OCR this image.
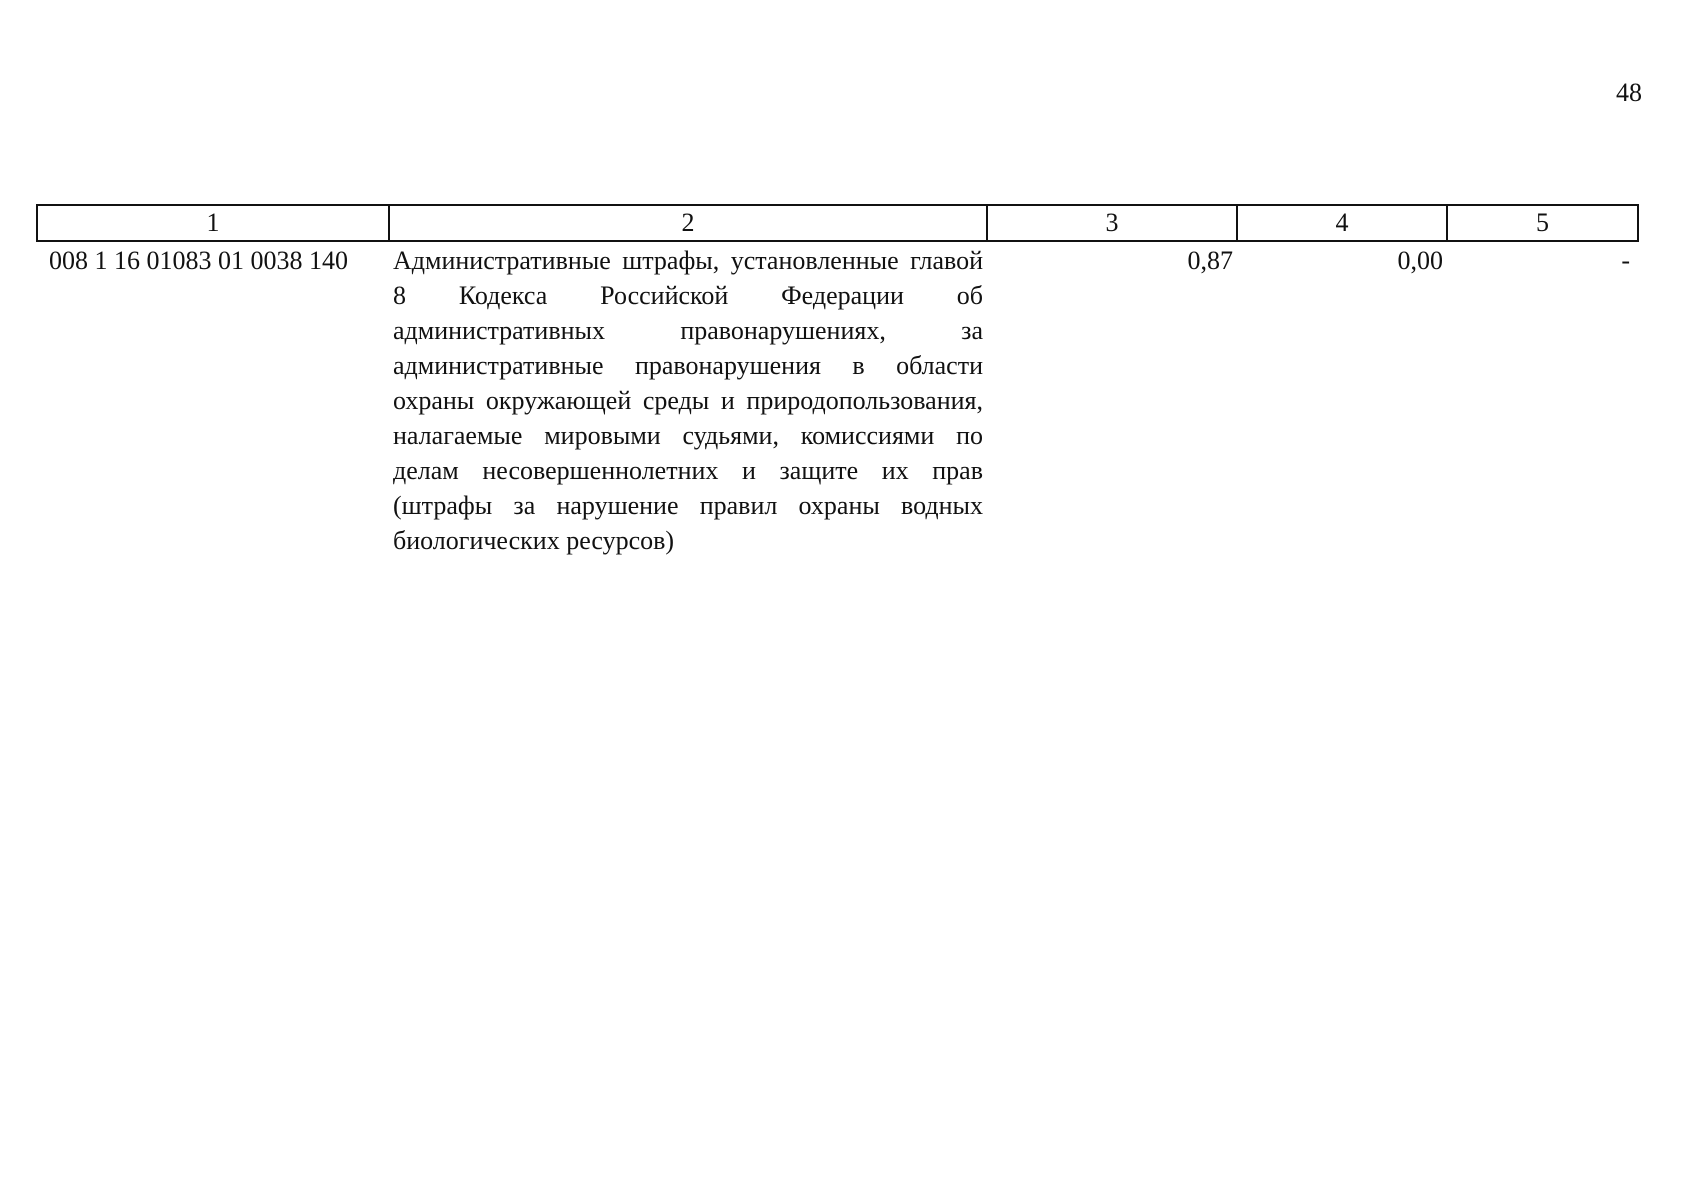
48
1	2	3	4	5
008 1 16 01083 01 0038 140	Административные штрафы, установленные главой 8 Кодекса Российской Федерации об административных правонарушениях, за административные правонарушения в области охраны окружающей среды и природопользования, налагаемые мировыми судьями, комиссиями по делам несовершеннолетних и защите их прав (штрафы за нарушение правил охраны водных биологических ресурсов)	0,87	0,00	-
